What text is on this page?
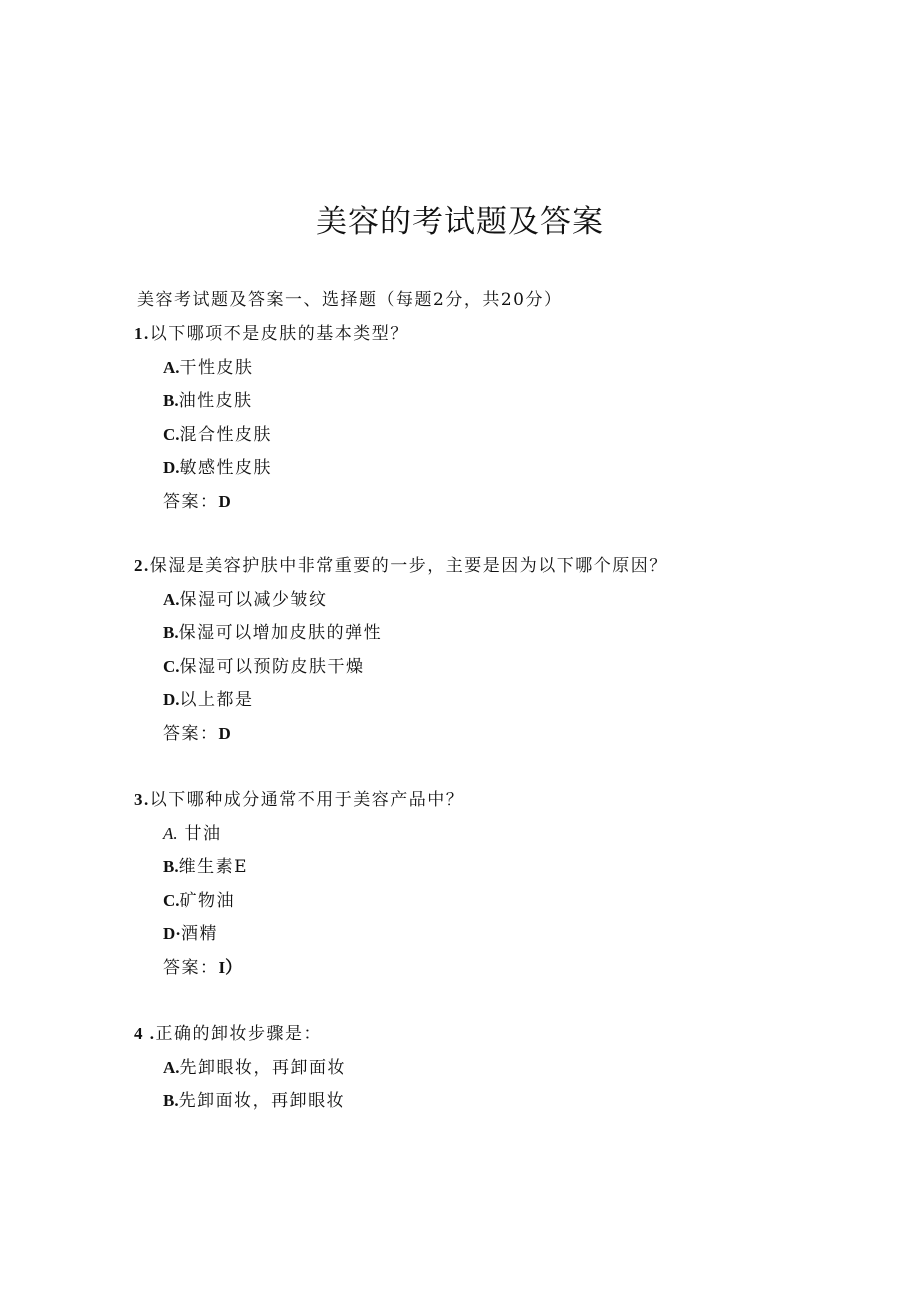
美容的考试题及答案

美容考试题及答案一、选择题（每题2分，共20分）

1.以下哪项不是皮肤的基本类型？

A.干性皮肤
B.油性皮肤
C.混合性皮肤
D.敏感性皮肤
答案：D

2.保湿是美容护肤中非常重要的一步，主要是因为以下哪个原因？

A.保湿可以减少皱纹
B.保湿可以增加皮肤的弹性
C.保湿可以预防皮肤干燥
D.以上都是
答案：D

3.以下哪种成分通常不用于美容产品中？

A. 甘油
B.维生素E
C.矿物油
D·酒精
答案：I）

4 .正确的卸妆步骤是：

A.先卸眼妆，再卸面妆
B.先卸面妆，再卸眼妆
